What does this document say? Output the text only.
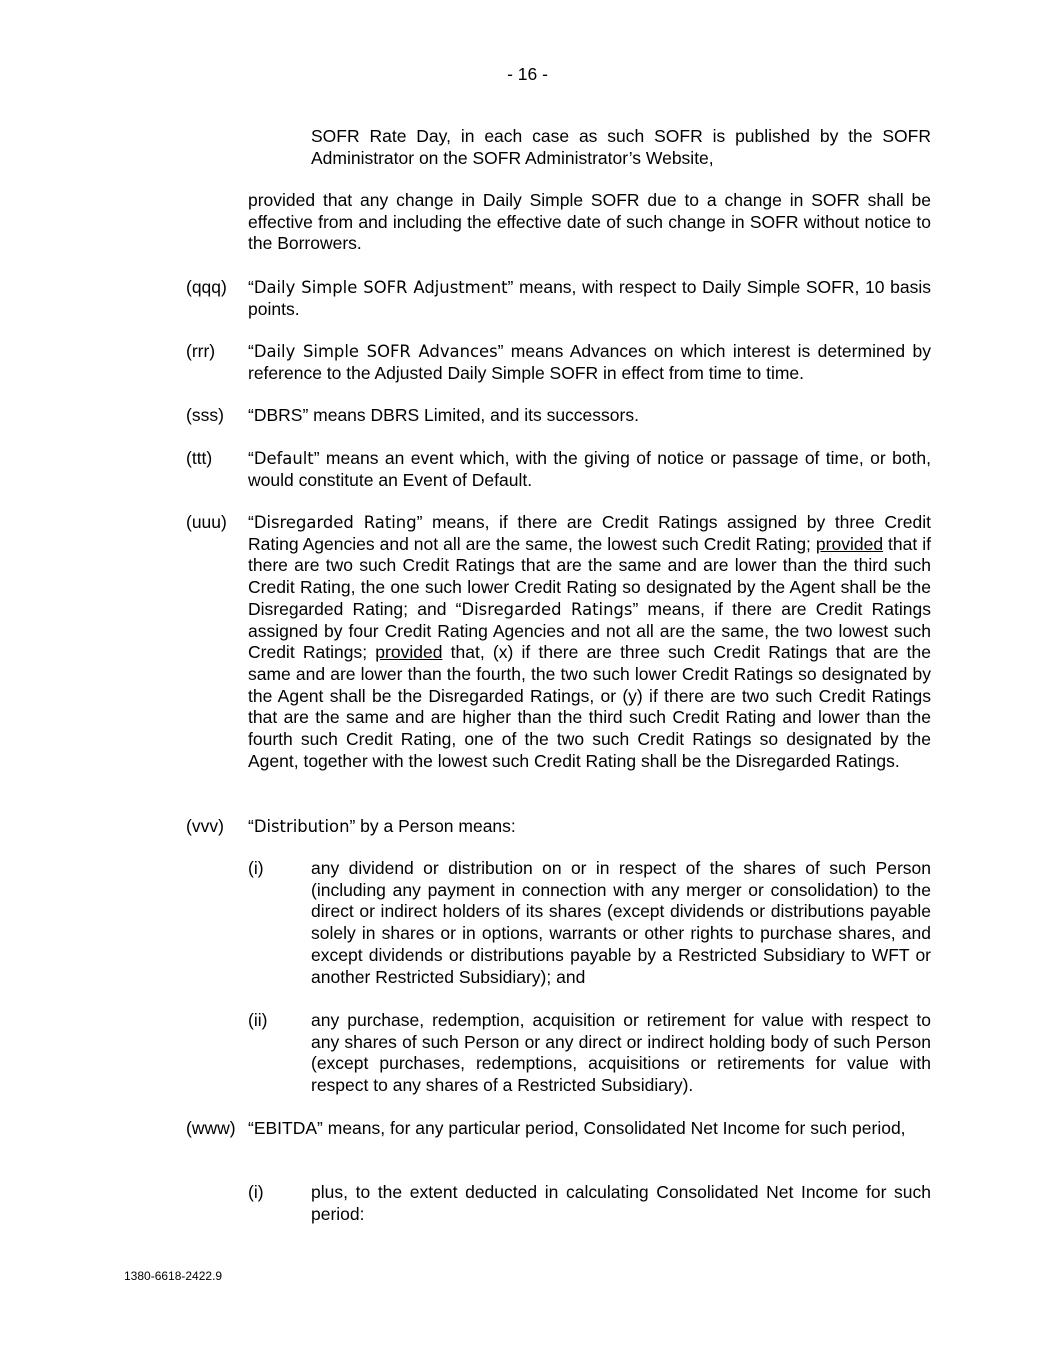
- 16 -
SOFR Rate Day, in each case as such SOFR is published by the SOFR Administrator on the SOFR Administrator’s Website,
provided that any change in Daily Simple SOFR due to a change in SOFR shall be effective from and including the effective date of such change in SOFR without notice to the Borrowers.
(qqq) “Daily Simple SOFR Adjustment” means, with respect to Daily Simple SOFR, 10 basis points.
(rrr) “Daily Simple SOFR Advances” means Advances on which interest is determined by reference to the Adjusted Daily Simple SOFR in effect from time to time.
(sss) “DBRS” means DBRS Limited, and its successors.
(ttt) “Default” means an event which, with the giving of notice or passage of time, or both, would constitute an Event of Default.
(uuu) “Disregarded Rating” means, if there are Credit Ratings assigned by three Credit Rating Agencies and not all are the same, the lowest such Credit Rating; provided that if there are two such Credit Ratings that are the same and are lower than the third such Credit Rating, the one such lower Credit Rating so designated by the Agent shall be the Disregarded Rating; and “Disregarded Ratings” means, if there are Credit Ratings assigned by four Credit Rating Agencies and not all are the same, the two lowest such Credit Ratings; provided that, (x) if there are three such Credit Ratings that are the same and are lower than the fourth, the two such lower Credit Ratings so designated by the Agent shall be the Disregarded Ratings, or (y) if there are two such Credit Ratings that are the same and are higher than the third such Credit Rating and lower than the fourth such Credit Rating, one of the two such Credit Ratings so designated by the Agent, together with the lowest such Credit Rating shall be the Disregarded Ratings.
(vvv) “Distribution” by a Person means:
(i)	any dividend or distribution on or in respect of the shares of such Person (including any payment in connection with any merger or consolidation) to the direct or indirect holders of its shares (except dividends or distributions payable solely in shares or in options, warrants or other rights to purchase shares, and except dividends or distributions payable by a Restricted Subsidiary to WFT or another Restricted Subsidiary); and
(ii) any purchase, redemption, acquisition or retirement for value with respect to any shares of such Person or any direct or indirect holding body of such Person (except purchases, redemptions, acquisitions or retirements for value with respect to any shares of a Restricted Subsidiary).
(www) “EBITDA” means, for any particular period, Consolidated Net Income for such period,
(i)	plus, to the extent deducted in calculating Consolidated Net Income for such period:
1380-6618-2422.9
